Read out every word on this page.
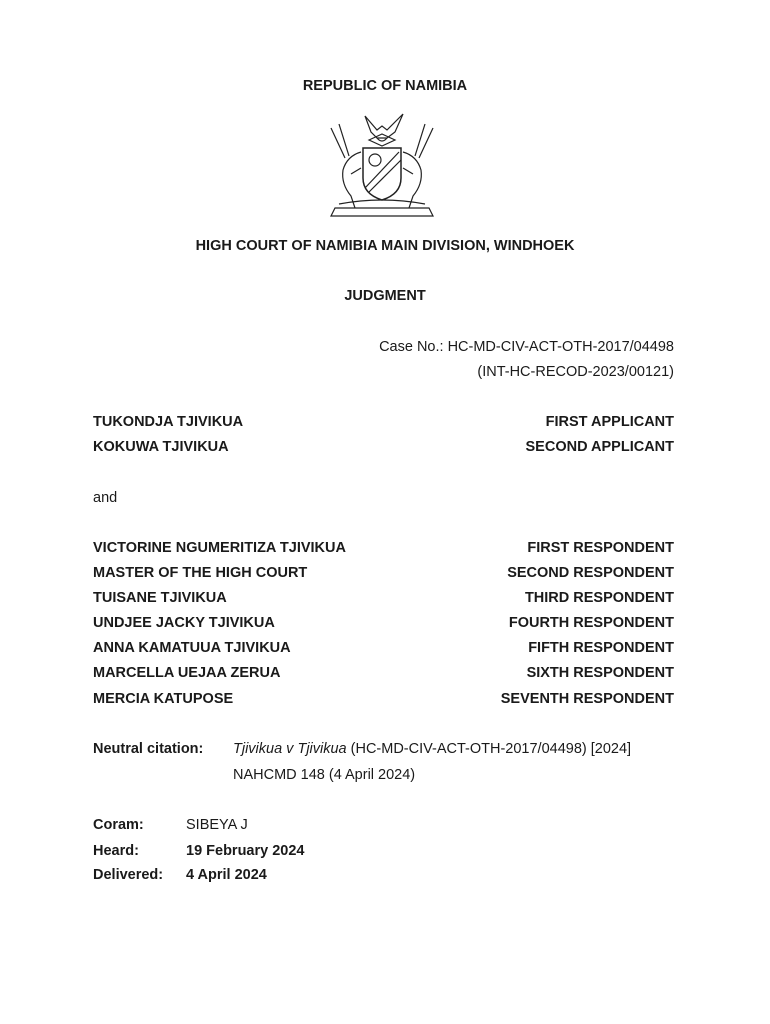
REPUBLIC OF NAMIBIA
HIGH COURT OF NAMIBIA MAIN DIVISION, WINDHOEK
JUDGMENT
Case No.: HC-MD-CIV-ACT-OTH-2017/04498
(INT-HC-RECOD-2023/00121)
TUKONDJA TJIVIKUA	FIRST APPLICANT
KOKUWA TJIVIKUA	SECOND APPLICANT
and
VICTORINE NGUMERITIZA TJIVIKUA	FIRST RESPONDENT
MASTER OF THE HIGH COURT	SECOND RESPONDENT
TUISANE TJIVIKUA	THIRD RESPONDENT
UNDJEE JACKY TJIVIKUA	FOURTH RESPONDENT
ANNA KAMATUUA TJIVIKUA	FIFTH RESPONDENT
MARCELLA UEJAA ZERUA	SIXTH RESPONDENT
MERCIA KATUPOSE	SEVENTH RESPONDENT
Neutral citation: Tjivikua v Tjivikua (HC-MD-CIV-ACT-OTH-2017/04498) [2024]
NAHCMD 148 (4 April 2024)
Coram:	SIBEYA J
Heard:	19 February 2024
Delivered: 4 April 2024
